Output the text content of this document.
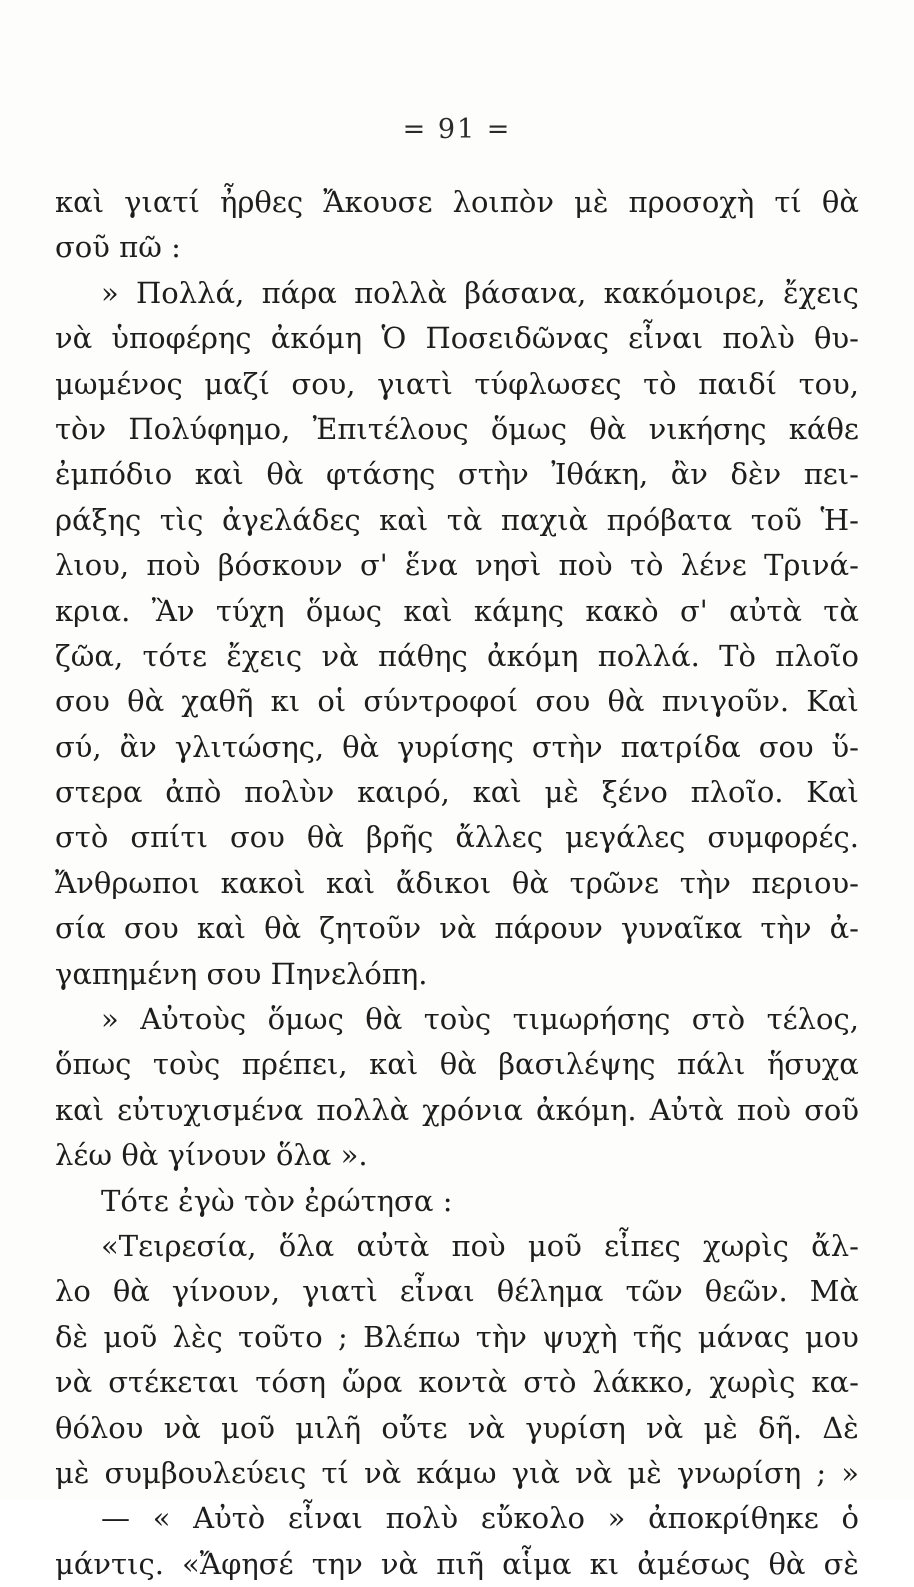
= 91 =
καὶ γιατί ἦρθες Ἄκουσε λοιπὸν μὲ προσοχὴ τί θὰ
σοῦ πῶ :
» Πολλά, πάρα πολλὰ βάσανα, κακόμοιρε, ἔχεις
νὰ ὑποφέρης ἀκόμη Ὁ Ποσειδῶνας εἶναι πολὺ θυ-
μωμένος μαζί σου, γιατὶ τύφλωσες τὸ παιδί του,
τὸν Πολύφημο, Ἐπιτέλους ὅμως θὰ νικήσης κάθε
ἐμπόδιο καὶ θὰ φτάσης στὴν Ἰθάκη, ἂν δὲν πει-
ράξης τὶς ἀγελάδες καὶ τὰ παχιὰ πρόβατα τοῦ Ἡ-
λιου, ποὺ βόσκουν σ' ἕνα νησὶ ποὺ τὸ λένε Τρινά-
κρια. Ἂν τύχη ὅμως καὶ κάμης κακὸ σ' αὐτὰ τὰ
ζῶα, τότε ἔχεις νὰ πάθης ἀκόμη πολλά. Τὸ πλοῖο
σου θὰ χαθῆ κι οἱ σύντροφοί σου θὰ πνιγοῦν. Καὶ
σύ, ἂν γλιτώσης, θὰ γυρίσης στὴν πατρίδα σου ὕ-
στερα ἀπὸ πολὺν καιρό, καὶ μὲ ξένο πλοῖο. Καὶ
στὸ σπίτι σου θὰ βρῆς ἄλλες μεγάλες συμφορές.
Ἄνθρωποι κακοὶ καὶ ἄδικοι θὰ τρῶνε τὴν περιου-
σία σου καὶ θὰ ζητοῦν νὰ πάρουν γυναῖκα τὴν ἀ-
γαπημένη σου Πηνελόπη.
» Αὐτοὺς ὅμως θὰ τοὺς τιμωρήσης στὸ τέλος,
ὅπως τοὺς πρέπει, καὶ θὰ βασιλέψης πάλι ἥσυχα
καὶ εὐτυχισμένα πολλὰ χρόνια ἀκόμη. Αὐτὰ ποὺ σοῦ
λέω θὰ γίνουν ὅλα ».
Τότε ἐγὼ τὸν ἐρώτησα :
«Τειρεσία, ὅλα αὐτὰ ποὺ μοῦ εἶπες χωρὶς ἄλ-
λο θὰ γίνουν, γιατὶ εἶναι θέλημα τῶν θεῶν. Μὰ
δὲ μοῦ λὲς τοῦτο ; Βλέπω τὴν ψυχὴ τῆς μάνας μου
νὰ στέκεται τόση ὥρα κοντὰ στὸ λάκκο, χωρὶς κα-
θόλου νὰ μοῦ μιλῆ οὔτε νὰ γυρίση νὰ μὲ δῆ. Δὲ
μὲ συμβουλεύεις τί νὰ κάμω γιὰ νὰ μὲ γνωρίση ; »
— « Αὐτὸ εἶναι πολὺ εὔκολο » ἀποκρίθηκε ὁ
μάντις. «Ἄφησέ την νὰ πιῆ αἷμα κι ἀμέσως θὰ σὲ
